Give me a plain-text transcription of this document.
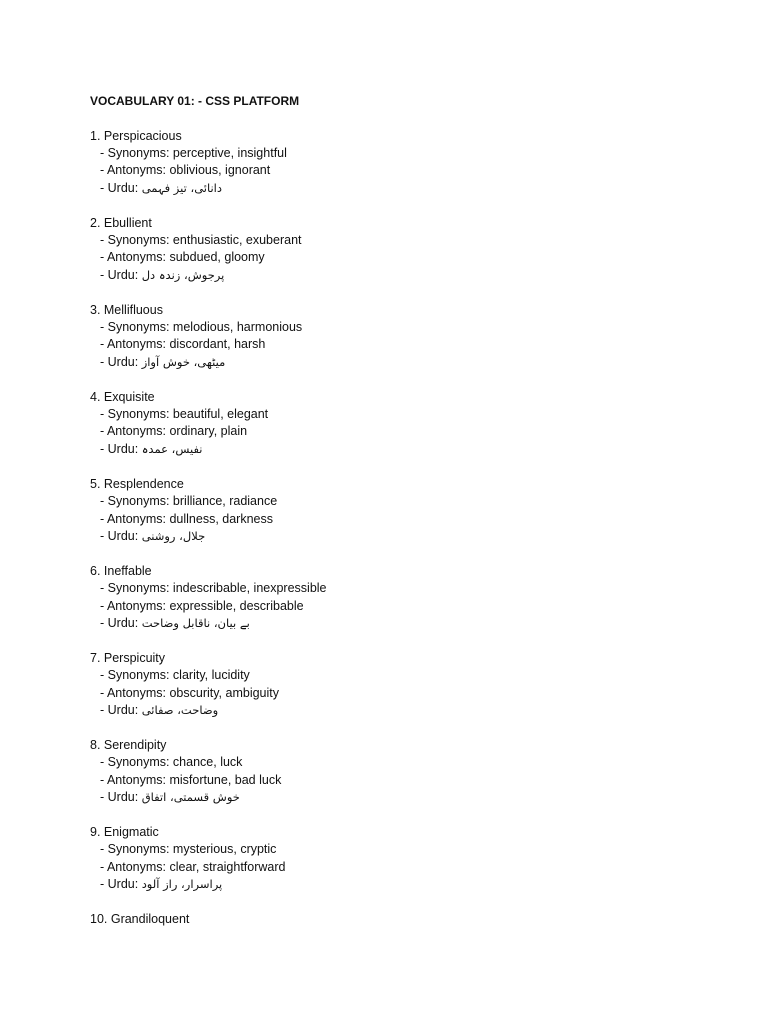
VOCABULARY 01: - CSS PLATFORM
1. Perspicacious
- Synonyms: perceptive, insightful
- Antonyms: oblivious, ignorant
- Urdu: دانائی، تیز فہمی
2. Ebullient
- Synonyms: enthusiastic, exuberant
- Antonyms: subdued, gloomy
- Urdu: پرجوش، زندہ دل
3. Mellifluous
- Synonyms: melodious, harmonious
- Antonyms: discordant, harsh
- Urdu: میٹھی، خوش آواز
4. Exquisite
- Synonyms: beautiful, elegant
- Antonyms: ordinary, plain
- Urdu: نفیس، عمدہ
5. Resplendence
- Synonyms: brilliance, radiance
- Antonyms: dullness, darkness
- Urdu: جلال، روشنی
6. Ineffable
- Synonyms: indescribable, inexpressible
- Antonyms: expressible, describable
- Urdu: بے بیان، ناقابل وضاحت
7. Perspicuity
- Synonyms: clarity, lucidity
- Antonyms: obscurity, ambiguity
- Urdu: وضاحت، صفائی
8. Serendipity
- Synonyms: chance, luck
- Antonyms: misfortune, bad luck
- Urdu: خوش قسمتی، اتفاق
9. Enigmatic
- Synonyms: mysterious, cryptic
- Antonyms: clear, straightforward
- Urdu: پراسرار، راز آلود
10. Grandiloquent
